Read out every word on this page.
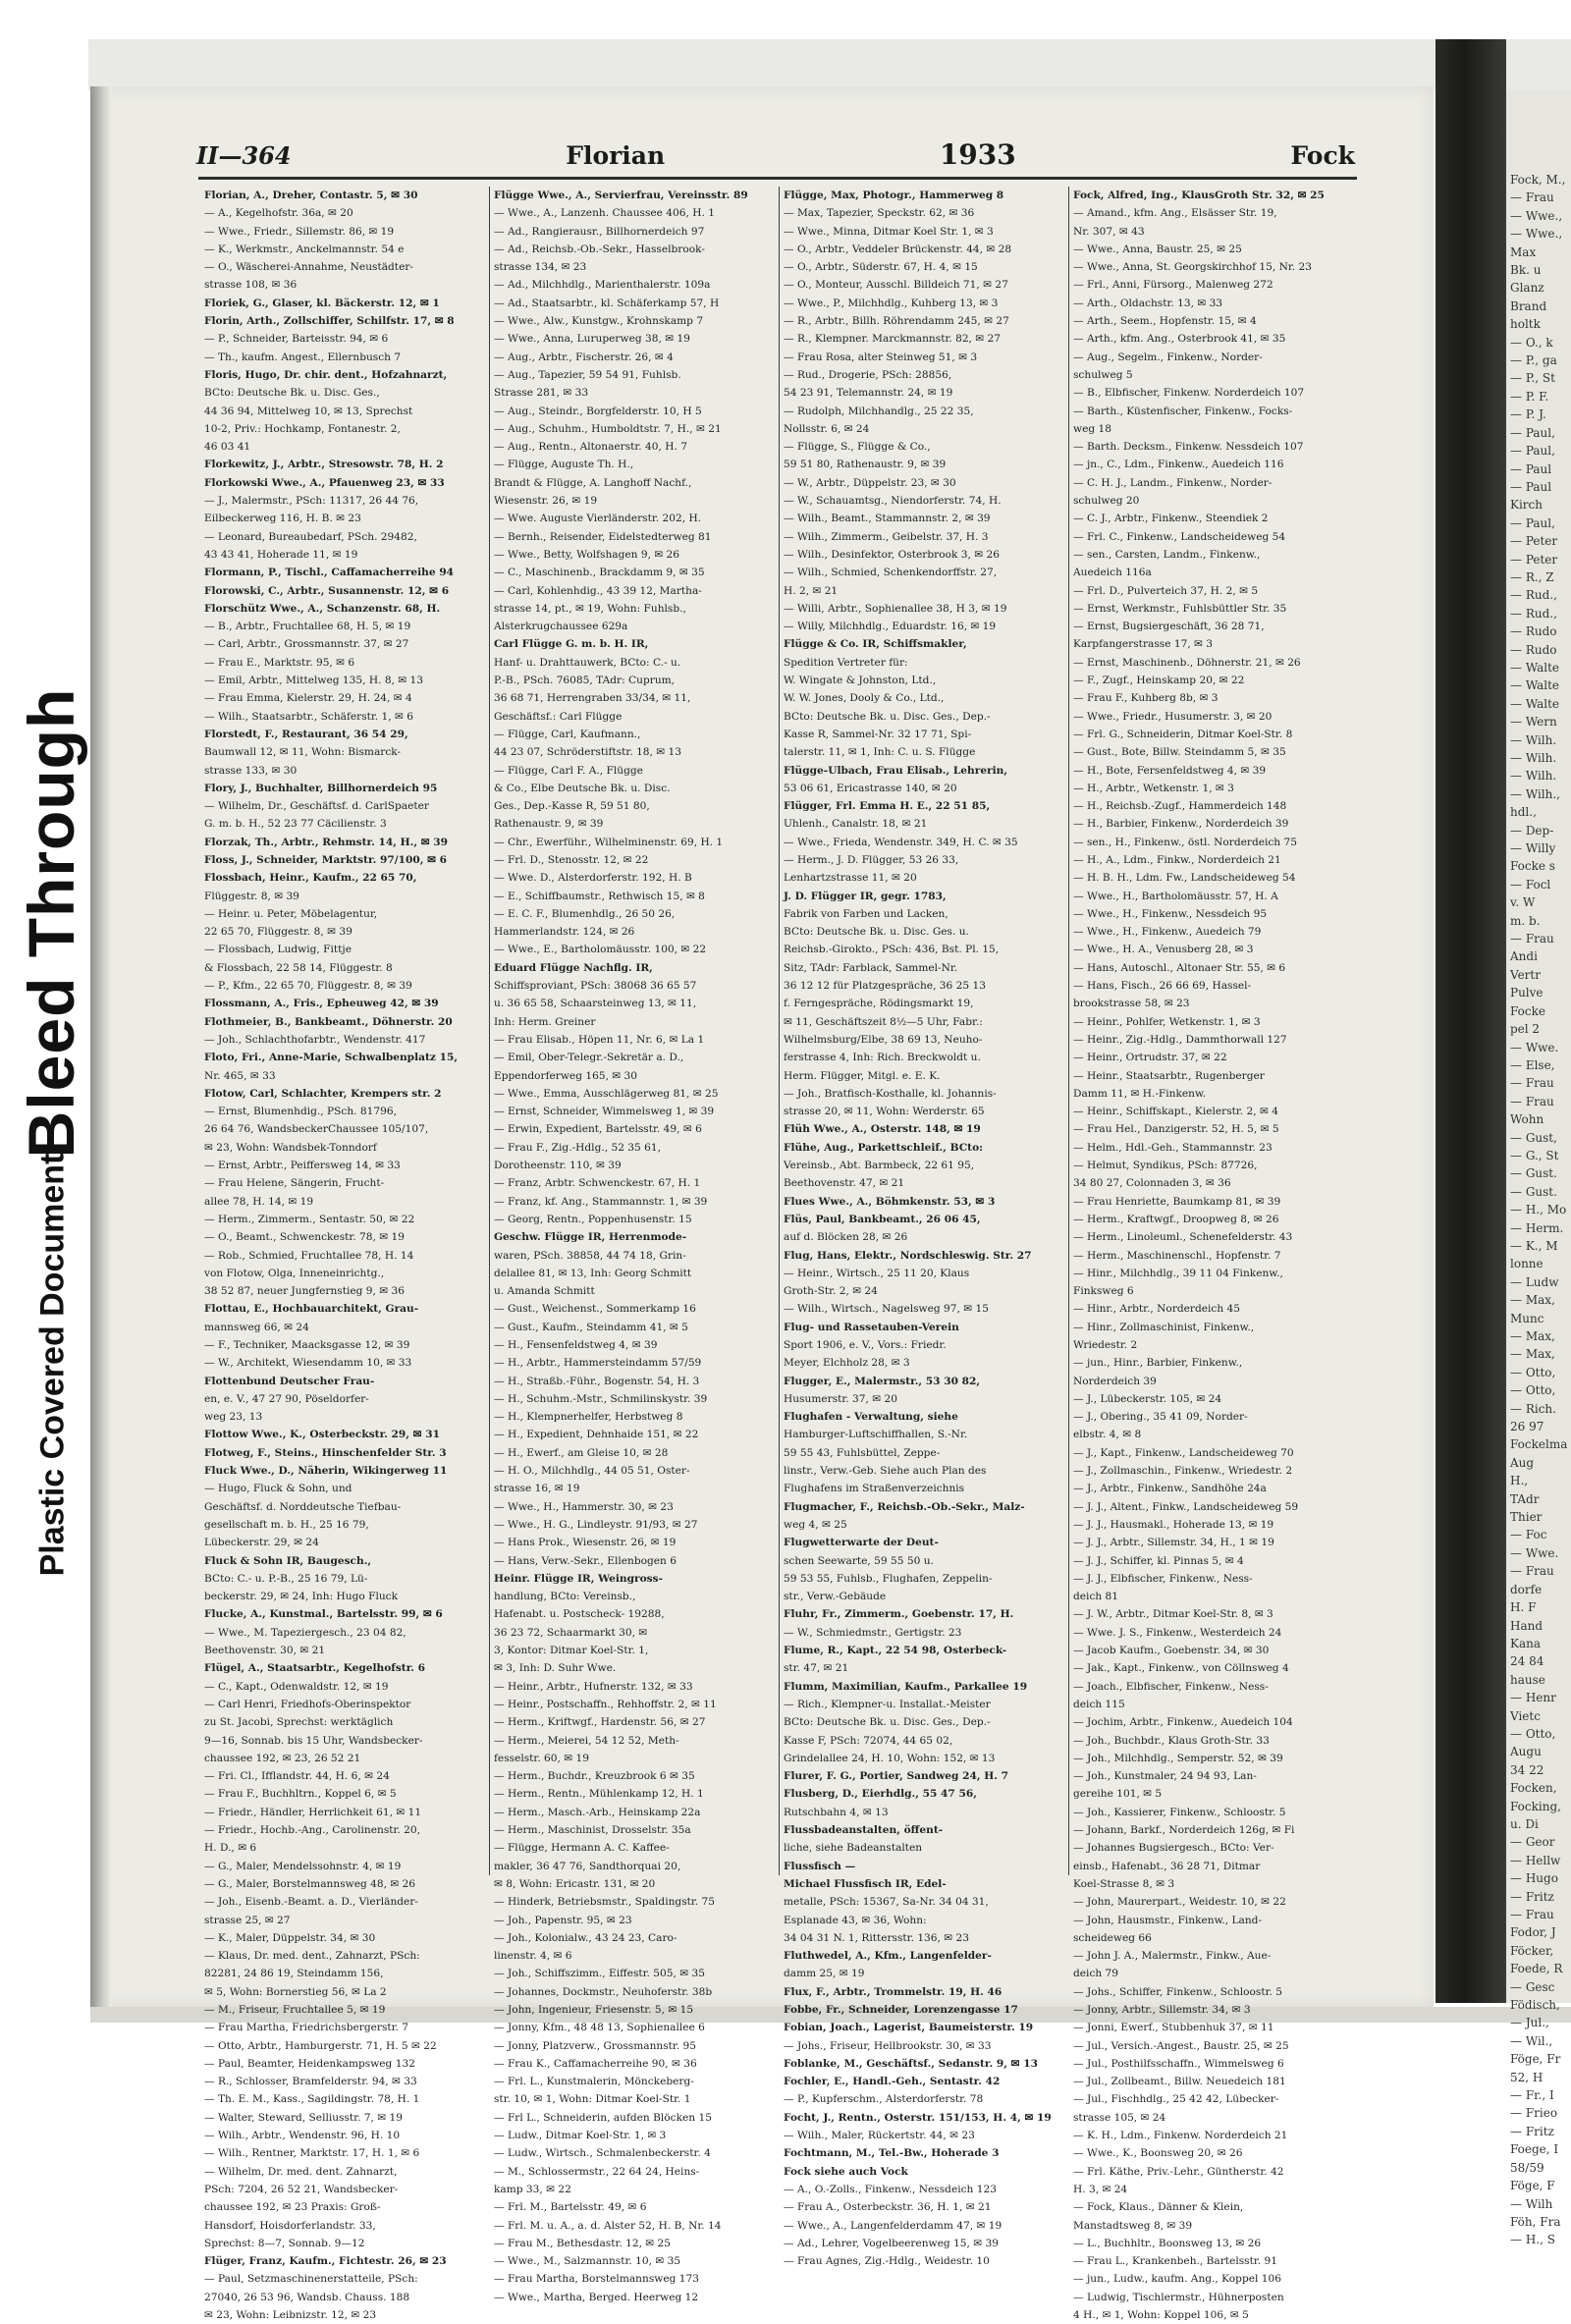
Bleed Through
Plastic Covered Document
Fock, M.,
— Frau
— Wwe.,
— Wwe.,
Max
Bk. u
Glanz
Brand
holtk
— O., k
— P., ga
— P., St
— P. F.
— P. J.
— Paul,
— Paul,
— Paul
— Paul
Kirch
— Paul,
— Peter
— Peter
— R., Z
— Rud.,
— Rud.,
— Rudo
— Rudo
— Walte
— Walte
— Walte
— Wern
— Wilh.
— Wilh.
— Wilh.
— Wilh.,
hdl.,
— Dep-
— Willy
Focke s
— Focl
v. W
m. b.
— Frau
Andi
Vertr
Pulve
Focke
pel 2
— Wwe.
— Else,
— Frau
— Frau
Wohn
— Gust,
— G., St
— Gust.
— Gust.
— H., Mo
— Herm.
— K., M
lonne
— Ludw
— Max,
Munc
— Max,
— Max,
— Otto,
— Otto,
— Rich.
26 97
Fockelma
Aug
H.,
TAdr
Thier
— Foc
— Wwe.
— Frau
dorfe
H. F
Hand
Kana
24 84
hause
— Henr
Vietc
— Otto,
Augu
34 22
Focken,
Focking,
u. Di
— Geor
— Hellw
— Hugo
— Fritz
— Frau
Fodor, J
Föcker,
Foede, R
— Gesc
Födisch,
— Jul.,
— Wil.,
Föge, Fr
52, H
— Fr., I
— Frieo
— Fritz
Foege, I
58/59
Föge, F
— Wilh
Föh, Fra
— H., S
II—364	Florian	1933	Fock
Florian, A., Dreher, Contastr. 5, ✉ 30
— A., Kegelhofstr. 36a, ✉ 20
— Wwe., Friedr., Sillemstr. 86, ✉ 19
— K., Werkmstr., Anckelmannstr. 54 e
— O., Wäscherei-Annahme, Neustädter-
strasse 108, ✉ 36
Floriek, G., Glaser, kl. Bäckerstr. 12, ✉ 1
Florin, Arth., Zollschiffer, Schilfstr. 17, ✉ 8
— P., Schneider, Barteisstr. 94, ✉ 6
— Th., kaufm. Angest., Ellernbusch 7
Floris, Hugo, Dr. chir. dent., Hofzahnarzt,
BCto: Deutsche Bk. u. Disc. Ges.,
44 36 94, Mittelweg 10, ✉ 13, Sprechst
10-2, Priv.: Hochkamp, Fontanestr. 2,
46 03 41
Florkewitz, J., Arbtr., Stresowstr. 78, H. 2
Florkowski Wwe., A., Pfauenweg 23, ✉ 33
— J., Malermstr., PSch: 11317, 26 44 76,
Eilbeckerweg 116, H. B. ✉ 23
— Leonard, Bureaubedarf, PSch. 29482,
43 43 41, Hoherade 11, ✉ 19
Flormann, P., Tischl., Caffamacherreihe 94
Florowski, C., Arbtr., Susannenstr. 12, ✉ 6
Florschütz Wwe., A., Schanzenstr. 68, H.
— B., Arbtr., Fruchtallee 68, H. 5, ✉ 19
— Carl, Arbtr., Grossmannstr. 37, ✉ 27
— Frau E., Marktstr. 95, ✉ 6
— Emil, Arbtr., Mittelweg 135, H. 8, ✉ 13
— Frau Emma, Kielerstr. 29, H. 24, ✉ 4
— Wilh., Staatsarbtr., Schäferstr. 1, ✉ 6
Florstedt, F., Restaurant, 36 54 29,
Baumwall 12, ✉ 11, Wohn: Bismarck-
strasse 133, ✉ 30
Flory, J., Buchhalter, Billhornerdeich 95
— Wilhelm, Dr., Geschäftsf. d. CarlSpaeter
G. m. b. H., 52 23 77 Cäcilienstr. 3
Florzak, Th., Arbtr., Rehmstr. 14, H., ✉ 39
Floss, J., Schneider, Marktstr. 97/100, ✉ 6
Flossbach, Heinr., Kaufm., 22 65 70,
Flüggestr. 8, ✉ 39
— Heinr. u. Peter, Möbelagentur,
22 65 70, Flüggestr. 8, ✉ 39
— Flossbach, Ludwig, Fittje
& Flossbach, 22 58 14, Flüggestr. 8
— P., Kfm., 22 65 70, Flüggestr. 8, ✉ 39
Flossmann, A., Fris., Epheuweg 42, ✉ 39
Flothmeier, B., Bankbeamt., Döhnerstr. 20
— Joh., Schlachthofarbtr., Wendenstr. 417
Floto, Fri., Anne-Marie, Schwalbenplatz 15,
Nr. 465, ✉ 33
Flotow, Carl, Schlachter, Krempers str. 2
— Ernst, Blumenhdig., PSch. 81796,
26 64 76, WandsbeckerChaussee 105/107,
✉ 23, Wohn: Wandsbek-Tonndorf
— Ernst, Arbtr., Peiffersweg 14, ✉ 33
— Frau Helene, Sängerin, Frucht-
allee 78, H. 14, ✉ 19
— Herm., Zimmerm., Sentastr. 50, ✉ 22
— O., Beamt., Schwenckestr. 78, ✉ 19
— Rob., Schmied, Fruchtallee 78, H. 14
von Flotow, Olga, Inneneinrichtg.,
38 52 87, neuer Jungfernstieg 9, ✉ 36
Flottau, E., Hochbauarchitekt, Grau-
mannsweg 66, ✉ 24
— F., Techniker, Maacksgasse 12, ✉ 39
— W., Architekt, Wiesendamm 10, ✉ 33
Flottenbund Deutscher Frau-
en, e. V., 47 27 90, Pöseldorfer-
weg 23, 13
Flottow Wwe., K., Osterbeckstr. 29, ✉ 31
Flotweg, F., Steins., Hinschenfelder Str. 3
Fluck Wwe., D., Näherin, Wikingerweg 11
— Hugo, Fluck & Sohn, und
Geschäftsf. d. Norddeutsche Tiefbau-
gesellschaft m. b. H., 25 16 79,
Lübeckerstr. 29, ✉ 24
Fluck & Sohn IR, Baugesch.,
BCto: C.- u. P.-B., 25 16 79, Lü-
beckerstr. 29, ✉ 24, Inh: Hugo Fluck
Flucke, A., Kunstmal., Bartelsstr. 99, ✉ 6
— Wwe., M. Tapeziergesch., 23 04 82,
Beethovenstr. 30, ✉ 21
Flügel, A., Staatsarbtr., Kegelhofstr. 6
— C., Kapt., Odenwaldstr. 12, ✉ 19
— Carl Henri, Friedhofs-Oberinspektor
zu St. Jacobi, Sprechst: werktäglich
9—16, Sonnab. bis 15 Uhr, Wandsbecker-
chaussee 192, ✉ 23, 26 52 21
— Fri. Cl., Ifflandstr. 44, H. 6, ✉ 24
— Frau F., Buchhltrn., Koppel 6, ✉ 5
— Friedr., Händler, Herrlichkeit 61, ✉ 11
— Friedr., Hochb.-Ang., Carolinenstr. 20,
H. D., ✉ 6
— G., Maler, Mendelssohnstr. 4, ✉ 19
— G., Maler, Borstelmannsweg 48, ✉ 26
— Joh., Eisenb.-Beamt. a. D., Vierländer-
strasse 25, ✉ 27
— K., Maler, Düppelstr. 34, ✉ 30
— Klaus, Dr. med. dent., Zahnarzt, PSch:
82281, 24 86 19, Steindamm 156,
✉ 5, Wohn: Bornerstieg 56, ✉ La 2
— M., Friseur, Fruchtallee 5, ✉ 19
— Frau Martha, Friedrichsbergerstr. 7
— Otto, Arbtr., Hamburgerstr. 71, H. 5 ✉ 22
— Paul, Beamter, Heidenkampsweg 132
— R., Schlosser, Bramfelderstr. 94, ✉ 33
— Th. E. M., Kass., Sagildingstr. 78, H. 1
— Walter, Steward, Selliusstr. 7, ✉ 19
— Wilh., Arbtr., Wendenstr. 96, H. 10
— Wilh., Rentner, Marktstr. 17, H. 1, ✉ 6
— Wilhelm, Dr. med. dent. Zahnarzt,
PSch: 7204, 26 52 21, Wandsbecker-
chaussee 192, ✉ 23 Praxis: Groß-
Hansdorf, Hoisdorferlandstr. 33,
Sprechst: 8—7, Sonnab. 9—12
Flüger, Franz, Kaufm., Fichtestr. 26, ✉ 23
— Paul, Setzmaschinenerstatteile, PSch:
27040, 26 53 96, Wandsb. Chauss. 188
✉ 23, Wohn: Leibnizstr. 12, ✉ 23
Flügge Wwe., A., Servierfrau, Vereinsstr. 89
— Wwe., A., Lanzenh. Chaussee 406, H. 1
— Ad., Rangierausr., Billhornerdeich 97
— Ad., Reichsb.-Ob.-Sekr., Hasselbrook-
strasse 134, ✉ 23
— Ad., Milchhdlg., Marienthalerstr. 109a
— Ad., Staatsarbtr., kl. Schäferkamp 57, H
— Wwe., Alw., Kunstgw., Krohnskamp 7
— Wwe., Anna, Luruperweg 38, ✉ 19
— Aug., Arbtr., Fischerstr. 26, ✉ 4
— Aug., Tapezier, 59 54 91, Fuhlsb.
Strasse 281, ✉ 33
— Aug., Steindr., Borgfelderstr. 10, H 5
— Aug., Schuhm., Humboldtstr. 7, H., ✉ 21
— Aug., Rentn., Altonaerstr. 40, H. 7
— Flügge, Auguste Th. H.,
Brandt & Flügge, A. Langhoff Nachf.,
Wiesenstr. 26, ✉ 19
— Wwe. Auguste Vierländerstr. 202, H.
— Bernh., Reisender, Eidelstedterweg 81
— Wwe., Betty, Wolfshagen 9, ✉ 26
— C., Maschinenb., Brackdamm 9, ✉ 35
— Carl, Kohlenhdig., 43 39 12, Martha-
strasse 14, pt., ✉ 19, Wohn: Fuhlsb.,
Alsterkrugchaussee 629a
Carl Flügge G. m. b. H. IR,
Hanf- u. Drahttauwerk, BCto: C.- u.
P.-B., PSch. 76085, TAdr: Cuprum,
36 68 71, Herrengraben 33/34, ✉ 11,
Geschäftsf.: Carl Flügge
— Flügge, Carl, Kaufmann.,
44 23 07, Schröderstiftstr. 18, ✉ 13
— Flügge, Carl F. A., Flügge
& Co., Elbe Deutsche Bk. u. Disc.
Ges., Dep.-Kasse R, 59 51 80,
Rathenaustr. 9, ✉ 39
— Chr., Ewerführ., Wilhelminenstr. 69, H. 1
— Frl. D., Stenosstr. 12, ✉ 22
— Wwe. D., Alsterdorferstr. 192, H. B
— E., Schiffbaumstr., Rethwisch 15, ✉ 8
— E. C. F., Blumenhdlg., 26 50 26,
Hammerlandstr. 124, ✉ 26
— Wwe., E., Bartholomäusstr. 100, ✉ 22
Eduard Flügge Nachflg. IR,
Schiffsproviant, PSch: 38068 36 65 57
u. 36 65 58, Schaarsteinweg 13, ✉ 11,
Inh: Herm. Greiner
— Frau Elisab., Höpen 11, Nr. 6, ✉ La 1
— Emil, Ober-Telegr.-Sekretär a. D.,
Eppendorferweg 165, ✉ 30
— Wwe., Emma, Ausschlägerweg 81, ✉ 25
— Ernst, Schneider, Wimmelsweg 1, ✉ 39
— Erwin, Expedient, Bartelsstr. 49, ✉ 6
— Frau F., Zig.-Hdlg., 52 35 61,
Dorotheenstr. 110, ✉ 39
— Franz, Arbtr. Schwenckestr. 67, H. 1
— Franz, kf. Ang., Stammannstr. 1, ✉ 39
— Georg, Rentn., Poppenhusenstr. 15
Geschw. Flügge IR, Herrenmode-
waren, PSch. 38858, 44 74 18, Grin-
delallee 81, ✉ 13, Inh: Georg Schmitt
u. Amanda Schmitt
— Gust., Weichenst., Sommerkamp 16
— Gust., Kaufm., Steindamm 41, ✉ 5
— H., Fensenfeldstweg 4, ✉ 39
— H., Arbtr., Hammersteindamm 57/59
— H., Straßb.-Führ., Bogenstr. 54, H. 3
— H., Schuhm.-Mstr., Schmilinskystr. 39
— H., Klempnerhelfer, Herbstweg 8
— H., Expedient, Dehnhaide 151, ✉ 22
— H., Ewerf., am Gleise 10, ✉ 28
— H. O., Milchhdlg., 44 05 51, Oster-
strasse 16, ✉ 19
— Wwe., H., Hammerstr. 30, ✉ 23
— Wwe., H. G., Lindleystr. 91/93, ✉ 27
— Hans Prok., Wiesenstr. 26, ✉ 19
— Hans, Verw.-Sekr., Ellenbogen 6
Heinr. Flügge IR, Weingross-
handlung, BCto: Vereinsb.,
Hafenabt. u. Postscheck- 19288,
36 23 72, Schaarmarkt 30, ✉
3, Kontor: Ditmar Koel-Str. 1,
✉ 3, Inh: D. Suhr Wwe.
— Heinr., Arbtr., Hufnerstr. 132, ✉ 33
— Heinr., Postschaffn., Rehhoffstr. 2, ✉ 11
— Herm., Kriftwgf., Hardenstr. 56, ✉ 27
— Herm., Meierei, 54 12 52, Meth-
fesselstr. 60, ✉ 19
— Herm., Buchdr., Kreuzbrook 6 ✉ 35
— Herm., Rentn., Mühlenkamp 12, H. 1
— Herm., Masch.-Arb., Heinskamp 22a
— Herm., Maschinist, Drosselstr. 35a
— Flügge, Hermann A. C. Kaffee-
makler, 36 47 76, Sandthorquai 20,
✉ 8, Wohn: Ericastr. 131, ✉ 20
— Hinderk, Betriebsmstr., Spaldingstr. 75
— Joh., Papenstr. 95, ✉ 23
— Joh., Kolonialw., 43 24 23, Caro-
linenstr. 4, ✉ 6
— Joh., Schiffszimm., Eiffestr. 505, ✉ 35
— Johannes, Dockmstr., Neuhoferstr. 38b
— John, Ingenieur, Friesenstr. 5, ✉ 15
— Jonny, Kfm., 48 48 13, Sophienallee 6
— Jonny, Platzverw., Grossmannstr. 95
— Frau K., Caffamacherreihe 90, ✉ 36
— Frl. L., Kunstmalerin, Mönckeberg-
str. 10, ✉ 1, Wohn: Ditmar Koel-Str. 1
— Frl L., Schneiderin, aufden Blöcken 15
— Ludw., Ditmar Koel-Str. 1, ✉ 3
— Ludw., Wirtsch., Schmalenbeckerstr. 4
— M., Schlossermstr., 22 64 24, Heins-
kamp 33, ✉ 22
— Frl. M., Bartelsstr. 49, ✉ 6
— Frl. M. u. A., a. d. Alster 52, H. B, Nr. 14
— Frau M., Bethesdastr. 12, ✉ 25
— Wwe., M., Salzmannstr. 10, ✉ 35
— Frau Martha, Borstelmannsweg 173
— Wwe., Martha, Berged. Heerweg 12
Flügge, Max, Photogr., Hammerweg 8
— Max, Tapezier, Speckstr. 62, ✉ 36
— Wwe., Minna, Ditmar Koel Str. 1, ✉ 3
— O., Arbtr., Veddeler Brückenstr. 44, ✉ 28
— O., Arbtr., Süderstr. 67, H. 4, ✉ 15
— O., Monteur, Ausschl. Billdeich 71, ✉ 27
— Wwe., P., Milchhdlg., Kuhberg 13, ✉ 3
— R., Arbtr., Billh. Röhrendamm 245, ✉ 27
— R., Klempner. Marckmannstr. 82, ✉ 27
— Frau Rosa, alter Steinweg 51, ✉ 3
— Rud., Drogerie, PSch: 28856,
54 23 91, Telemannstr. 24, ✉ 19
— Rudolph, Milchhandlg., 25 22 35,
Nollsstr. 6, ✉ 24
— Flügge, S., Flügge & Co.,
59 51 80, Rathenaustr. 9, ✉ 39
— W., Arbtr., Düppelstr. 23, ✉ 30
— W., Schauamtsg., Niendorferstr. 74, H.
— Wilh., Beamt., Stammannstr. 2, ✉ 39
— Wilh., Zimmerm., Geibelstr. 37, H. 3
— Wilh., Desinfektor, Osterbrook 3, ✉ 26
— Wilh., Schmied, Schenkendorffstr. 27,
H. 2, ✉ 21
— Willi, Arbtr., Sophienallee 38, H 3, ✉ 19
— Willy, Milchhdlg., Eduardstr. 16, ✉ 19
Flügge & Co. IR, Schiffsmakler,
Spedition Vertreter für:
W. Wingate & Johnston, Ltd.,
W. W. Jones, Dooly & Co., Ltd.,
BCto: Deutsche Bk. u. Disc. Ges., Dep.-
Kasse R, Sammel-Nr. 32 17 71, Spi-
talerstr. 11, ✉ 1, Inh: C. u. S. Flügge
Flügge-Ulbach, Frau Elisab., Lehrerin,
53 06 61, Ericastrasse 140, ✉ 20
Flügger, Frl. Emma H. E., 22 51 85,
Uhlenh., Canalstr. 18, ✉ 21
— Wwe., Frieda, Wendenstr. 349, H. C. ✉ 35
— Herm., J. D. Flügger, 53 26 33,
Lenhartzstrasse 11, ✉ 20
J. D. Flügger IR, gegr. 1783,
Fabrik von Farben und Lacken,
BCto: Deutsche Bk. u. Disc. Ges. u.
Reichsb.-Girokto., PSch: 436, Bst. Pl. 15,
Sitz, TAdr: Farblack, Sammel-Nr.
36 12 12 für Platzgespräche, 36 25 13
f. Ferngespräche, Rödingsmarkt 19,
✉ 11, Geschäftszeit 8½—5 Uhr, Fabr.:
Wilhelmsburg/Elbe, 38 69 13, Neuho-
ferstrasse 4, Inh: Rich. Breckwoldt u.
Herm. Flügger, Mitgl. e. E. K.
— Joh., Bratfisch-Kosthalle, kl. Johannis-
strasse 20, ✉ 11, Wohn: Werderstr. 65
Flüh Wwe., A., Osterstr. 148, ✉ 19
Flühe, Aug., Parkettschleif., BCto:
Vereinsb., Abt. Barmbeck, 22 61 95,
Beethovenstr. 47, ✉ 21
Flues Wwe., A., Böhmkenstr. 53, ✉ 3
Flüs, Paul, Bankbeamt., 26 06 45,
auf d. Blöcken 28, ✉ 26
Flug, Hans, Elektr., Nordschleswig. Str. 27
— Heinr., Wirtsch., 25 11 20, Klaus
Groth-Str. 2, ✉ 24
— Wilh., Wirtsch., Nagelsweg 97, ✉ 15
Flug- und Rassetauben-Verein
Sport 1906, e. V., Vors.: Friedr.
Meyer, Elchholz 28, ✉ 3
Flugger, E., Malermstr., 53 30 82,
Husumerstr. 37, ✉ 20
Flughafen - Verwaltung, siehe
Hamburger-Luftschiffhallen, S.-Nr.
59 55 43, Fuhlsbüttel, Zeppe-
linstr., Verw.-Geb. Siehe auch Plan des
Flughafens im Straßenverzeichnis
Flugmacher, F., Reichsb.-Ob.-Sekr., Malz-
weg 4, ✉ 25
Flugwetterwarte der Deut-
schen Seewarte, 59 55 50 u.
59 53 55, Fuhlsb., Flughafen, Zeppelin-
str., Verw.-Gebäude
Fluhr, Fr., Zimmerm., Goebenstr. 17, H.
— W., Schmiedmstr., Gertigstr. 23
Flume, R., Kapt., 22 54 98, Osterbeck-
str. 47, ✉ 21
Flumm, Maximilian, Kaufm., Parkallee 19
— Rich., Klempner-u. Installat.-Meister
BCto: Deutsche Bk. u. Disc. Ges., Dep.-
Kasse F, PSch: 72074, 44 65 02,
Grindelallee 24, H. 10, Wohn: 152, ✉ 13
Flurer, F. G., Portier, Sandweg 24, H. 7
Flusberg, D., Eierhdlg., 55 47 56,
Rutschbahn 4, ✉ 13
Flussbadeanstalten, öffent-
liche, siehe Badeanstalten
Flussfisch —
Michael Flussfisch IR, Edel-
metalle, PSch: 15367, Sa-Nr. 34 04 31,
Esplanade 43, ✉ 36, Wohn:
34 04 31 N. 1, Rittersstr. 136, ✉ 23
Fluthwedel, A., Kfm., Langenfelder-
damm 25, ✉ 19
Flux, F., Arbtr., Trommelstr. 19, H. 46
Fobbe, Fr., Schneider, Lorenzengasse 17
Fobian, Joach., Lagerist, Baumeisterstr. 19
— Johs., Friseur, Hellbrookstr. 30, ✉ 33
Foblanke, M., Geschäftsf., Sedanstr. 9, ✉ 13
Fochler, E., Handl.-Geh., Sentastr. 42
— P., Kupferschm., Alsterdorferstr. 78
Focht, J., Rentn., Osterstr. 151/153, H. 4, ✉ 19
— Wilh., Maler, Rückertstr. 44, ✉ 23
Fochtmann, M., Tel.-Bw., Hoherade 3
Fock siehe auch Vock
— A., O.-Zolls., Finkenw., Nessdeich 123
— Frau A., Osterbeckstr. 36, H. 1, ✉ 21
— Wwe., A., Langenfelderdamm 47, ✉ 19
— Ad., Lehrer, Vogelbeerenweg 15, ✉ 39
— Frau Agnes, Zig.-Hdlg., Weidestr. 10
Fock, Alfred, Ing., KlausGroth Str. 32, ✉ 25
— Amand., kfm. Ang., Elsässer Str. 19,
Nr. 307, ✉ 43
— Wwe., Anna, Baustr. 25, ✉ 25
— Wwe., Anna, St. Georgskirchhof 15, Nr. 23
— Frl., Anni, Fürsorg., Malenweg 272
— Arth., Oldachstr. 13, ✉ 33
— Arth., Seem., Hopfenstr. 15, ✉ 4
— Arth., kfm. Ang., Osterbrook 41, ✉ 35
— Aug., Segelm., Finkenw., Norder-
schulweg 5
— B., Elbfischer, Finkenw. Norderdeich 107
— Barth., Küstenfischer, Finkenw., Focks-
weg 18
— Barth. Decksm., Finkenw. Nessdeich 107
— jn., C., Ldm., Finkenw., Auedeich 116
— C. H. J., Landm., Finkenw., Norder-
schulweg 20
— C. J., Arbtr., Finkenw., Steendiek 2
— Frl. C., Finkenw., Landscheideweg 54
— sen., Carsten, Landm., Finkenw.,
Auedeich 116a
— Frl. D., Pulverteich 37, H. 2, ✉ 5
— Ernst, Werkmstr., Fuhlsbüttler Str. 35
— Ernst, Bugsiergeschäft, 36 28 71,
Karpfangerstrasse 17, ✉ 3
— Ernst, Maschinenb., Döhnerstr. 21, ✉ 26
— F., Zugf., Heinskamp 20, ✉ 22
— Frau F., Kuhberg 8b, ✉ 3
— Wwe., Friedr., Husumerstr. 3, ✉ 20
— Frl. G., Schneiderin, Ditmar Koel-Str. 8
— Gust., Bote, Billw. Steindamm 5, ✉ 35
— H., Bote, Fersenfeldstweg 4, ✉ 39
— H., Arbtr., Wetkenstr. 1, ✉ 3
— H., Reichsb.-Zugf., Hammerdeich 148
— H., Barbier, Finkenw., Norderdeich 39
— sen., H., Finkenw., östl. Norderdeich 75
— H., A., Ldm., Finkw., Norderdeich 21
— H. B. H., Ldm. Fw., Landscheideweg 54
— Wwe., H., Bartholomäusstr. 57, H. A
— Wwe., H., Finkenw., Nessdeich 95
— Wwe., H., Finkenw., Auedeich 79
— Wwe., H. A., Venusberg 28, ✉ 3
— Hans, Autoschl., Altonaer Str. 55, ✉ 6
— Hans, Fisch., 26 66 69, Hassel-
brookstrasse 58, ✉ 23
— Heinr., Pohlfer, Wetkenstr. 1, ✉ 3
— Heinr., Zig.-Hdlg., Dammthorwall 127
— Heinr., Ortrudstr. 37, ✉ 22
— Heinr., Staatsarbtr., Rugenberger
Damm 11, ✉ H.-Finkenw.
— Heinr., Schiffskapt., Kielerstr. 2, ✉ 4
— Frau Hel., Danzigerstr. 52, H. 5, ✉ 5
— Helm., Hdl.-Geh., Stammannstr. 23
— Helmut, Syndikus, PSch: 87726,
34 80 27, Colonnaden 3, ✉ 36
— Frau Henriette, Baumkamp 81, ✉ 39
— Herm., Kraftwgf., Droopweg 8, ✉ 26
— Herm., Linoleuml., Schenefelderstr. 43
— Herm., Maschinenschl., Hopfenstr. 7
— Hinr., Milchhdlg., 39 11 04 Finkenw.,
Finksweg 6
— Hinr., Arbtr., Norderdeich 45
— Hinr., Zollmaschinist, Finkenw.,
Wriedestr. 2
— jun., Hinr., Barbier, Finkenw.,
Norderdeich 39
— J., Lübeckerstr. 105, ✉ 24
— J., Obering., 35 41 09, Norder-
elbstr. 4, ✉ 8
— J., Kapt., Finkenw., Landscheideweg 70
— J., Zollmaschin., Finkenw., Wriedestr. 2
— J., Arbtr., Finkenw., Sandhöhe 24a
— J. J., Altent., Finkw., Landscheideweg 59
— J. J., Hausmakl., Hoherade 13, ✉ 19
— J. J., Arbtr., Sillemstr. 34, H., 1 ✉ 19
— J. J., Schiffer, kl. Pinnas 5, ✉ 4
— J. J., Elbfischer, Finkenw., Ness-
deich 81
— J. W., Arbtr., Ditmar Koel-Str. 8, ✉ 3
— Wwe. J. S., Finkenw., Westerdeich 24
— Jacob Kaufm., Goebenstr. 34, ✉ 30
— Jak., Kapt., Finkenw., von Cöllnsweg 4
— Joach., Elbfischer, Finkenw., Ness-
deich 115
— Jochim, Arbtr., Finkenw., Auedeich 104
— Joh., Buchbdr., Klaus Groth-Str. 33
— Joh., Milchhdlg., Semperstr. 52, ✉ 39
— Joh., Kunstmaler, 24 94 93, Lan-
gereihe 101, ✉ 5
— Joh., Kassierer, Finkenw., Schloostr. 5
— Johann, Barkf., Norderdeich 126g, ✉ Fi
— Johannes Bugsiergesch., BCto: Ver-
einsb., Hafenabt., 36 28 71, Ditmar
Koel-Strasse 8, ✉ 3
— John, Maurerpart., Weidestr. 10, ✉ 22
— John, Hausmstr., Finkenw., Land-
scheideweg 66
— John J. A., Malermstr., Finkw., Aue-
deich 79
— Johs., Schiffer, Finkenw., Schloostr. 5
— Jonny, Arbtr., Sillemstr. 34, ✉ 3
— Jonni, Ewerf., Stubbenhuk 37, ✉ 11
— Jul., Versich.-Angest., Baustr. 25, ✉ 25
— Jul., Posthilfsschaffn., Wimmelsweg 6
— Jul., Zollbeamt., Billw. Neuedeich 181
— Jul., Fischhdlg., 25 42 42, Lübecker-
strasse 105, ✉ 24
— K. H., Ldm., Finkenw. Norderdeich 21
— Wwe., K., Boonsweg 20, ✉ 26
— Frl. Käthe, Priv.-Lehr., Güntherstr. 42
H. 3, ✉ 24
— Fock, Klaus., Dänner & Klein,
Manstadtsweg 8, ✉ 39
— L., Buchhltr., Boonsweg 13, ✉ 26
— Frau L., Krankenbeh., Bartelsstr. 91
— jun., Ludw., kaufm. Ang., Koppel 106
— Ludwig, Tischlermstr., Hühnerposten
4 H., ✉ 1, Wohn: Koppel 106, ✉ 5
